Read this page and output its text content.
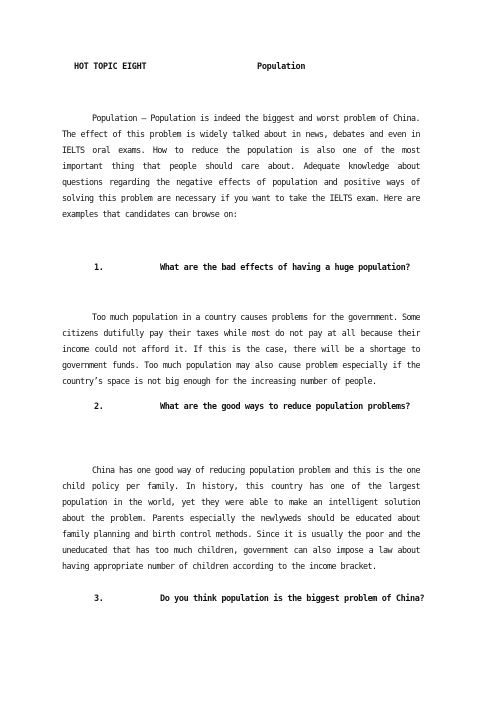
HOT TOPIC EIGHT	Population

Population – Population is indeed the biggest and worst problem of China. The effect of this problem is widely talked about in news, debates and even in IELTS oral exams. How to reduce the population is also one of the most important thing that people should care about. Adequate knowledge about questions regarding the negative effects of population and positive ways of solving this problem are necessary if you want to take the IELTS exam. Here are examples that candidates can browse on:

1.	What are the bad effects of having a huge population?

Too much population in a country causes problems for the government. Some citizens dutifully pay their taxes while most do not pay at all because their income could not afford it. If this is the case, there will be a shortage to government funds. Too much population may also cause problem especially if the country’s space is not big enough for the increasing number of people.

2.	What are the good ways to reduce population problems?

China has one good way of reducing population problem and this is the one child policy per family. In history, this country has one of the largest population in the world, yet they were able to make an intelligent solution about the problem. Parents especially the newlyweds should be educated about family planning and birth control methods. Since it is usually the poor and the uneducated that has too much children, government can also impose a law about having appropriate number of children according to the income bracket.

3.	Do you think population is the biggest problem of China?
